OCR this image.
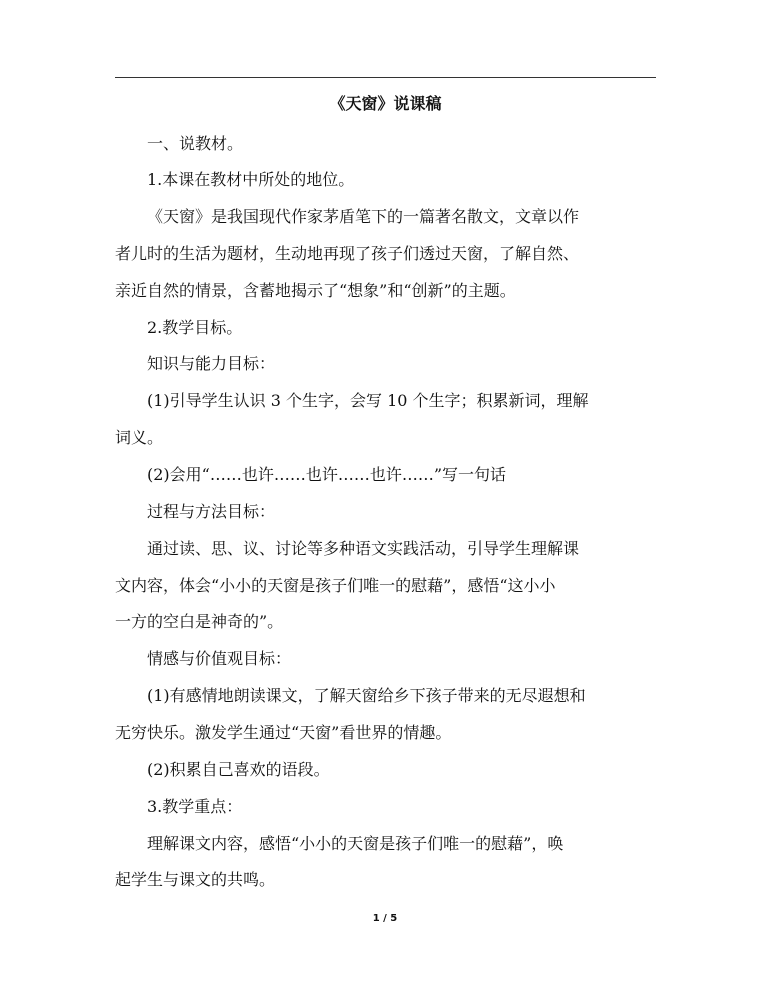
《天窗》说课稿

一、说教材。

1.本课在教材中所处的地位。

《天窗》是我国现代作家茅盾笔下的一篇著名散文，文章以作

者儿时的生活为题材，生动地再现了孩子们透过天窗，了解自然、

亲近自然的情景，含蓄地揭示了“想象”和“创新”的主题。

2.教学目标。

知识与能力目标：

(1)引导学生认识 3 个生字，会写 10 个生字；积累新词，理解

词义。

(2)会用“……也许……也许……也许……”写一句话

过程与方法目标：

通过读、思、议、讨论等多种语文实践活动，引导学生理解课

文内容，体会“小小的天窗是孩子们唯一的慰藉”，感悟“这小小

一方的空白是神奇的”。

情感与价值观目标：

(1)有感情地朗读课文，了解天窗给乡下孩子带来的无尽遐想和

无穷快乐。激发学生通过“天窗”看世界的情趣。

(2)积累自己喜欢的语段。

3.教学重点：

理解课文内容，感悟“小小的天窗是孩子们唯一的慰藉”，唤

起学生与课文的共鸣。

1 / 5
